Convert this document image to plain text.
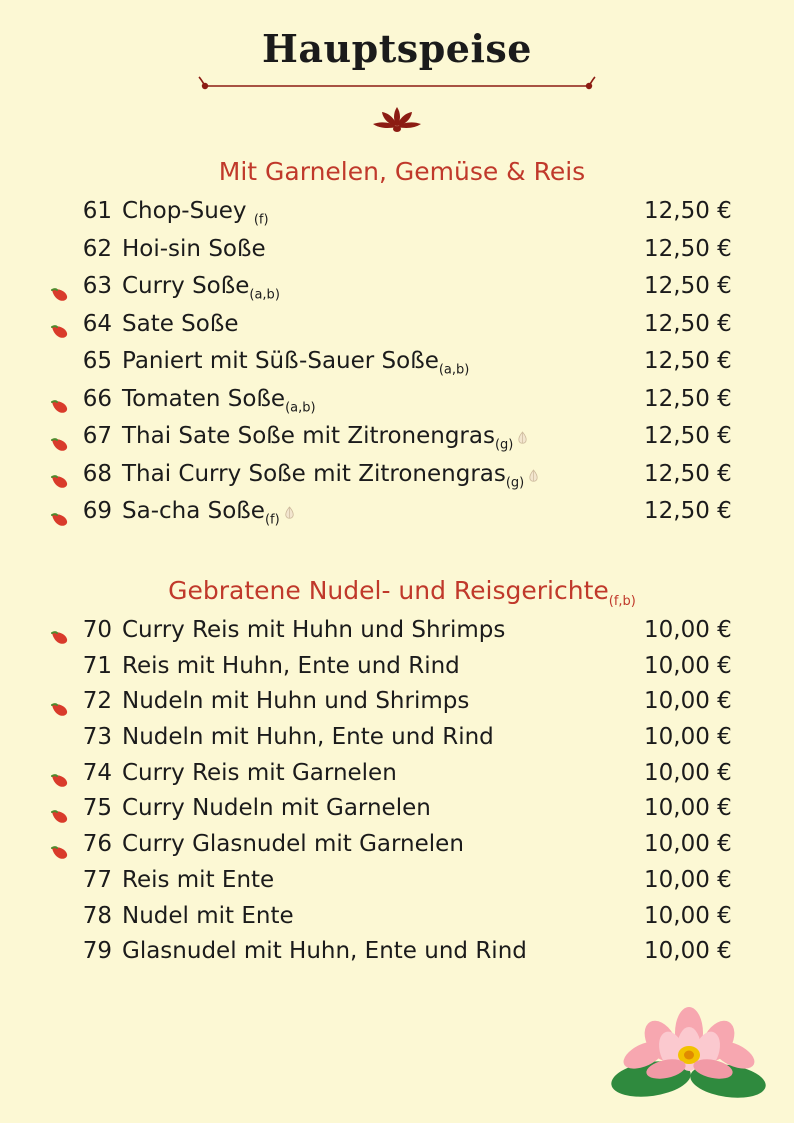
Hauptspeise
Mit Garnelen, Gemüse & Reis
61 Chop-Suey $_{(f)}$	12,50 €
62 Hoi-sin Soße	12,50 €
63 Curry Soße$_{(a,b)}$	12,50 €
64 Sate Soße	12,50 €
65 Paniert mit Süß-Sauer Soße$_{(a,b)}$	12,50 €
66 Tomaten Soße$_{(a,b)}$	12,50 €
67 Thai Sate Soße mit Zitronengras$_{(g)}$	12,50 €
68 Thai Curry Soße mit Zitronengras$_{(g)}$	12,50 €
69 Sa-cha Soße$_{(f)}$	12,50 €
Gebratene Nudel- und Reisgerichte$_{(f,b)}$
70 Curry Reis mit Huhn und Shrimps	10,00 €
71 Reis mit Huhn, Ente und Rind	10,00 €
72 Nudeln mit Huhn und Shrimps	10,00 €
73 Nudeln mit Huhn, Ente und Rind	10,00 €
74 Curry Reis mit Garnelen	10,00 €
75 Curry Nudeln mit Garnelen	10,00 €
76 Curry Glasnudel mit Garnelen	10,00 €
77 Reis mit Ente	10,00 €
78 Nudel mit Ente	10,00 €
79 Glasnudel mit Huhn, Ente und Rind	10,00 €
